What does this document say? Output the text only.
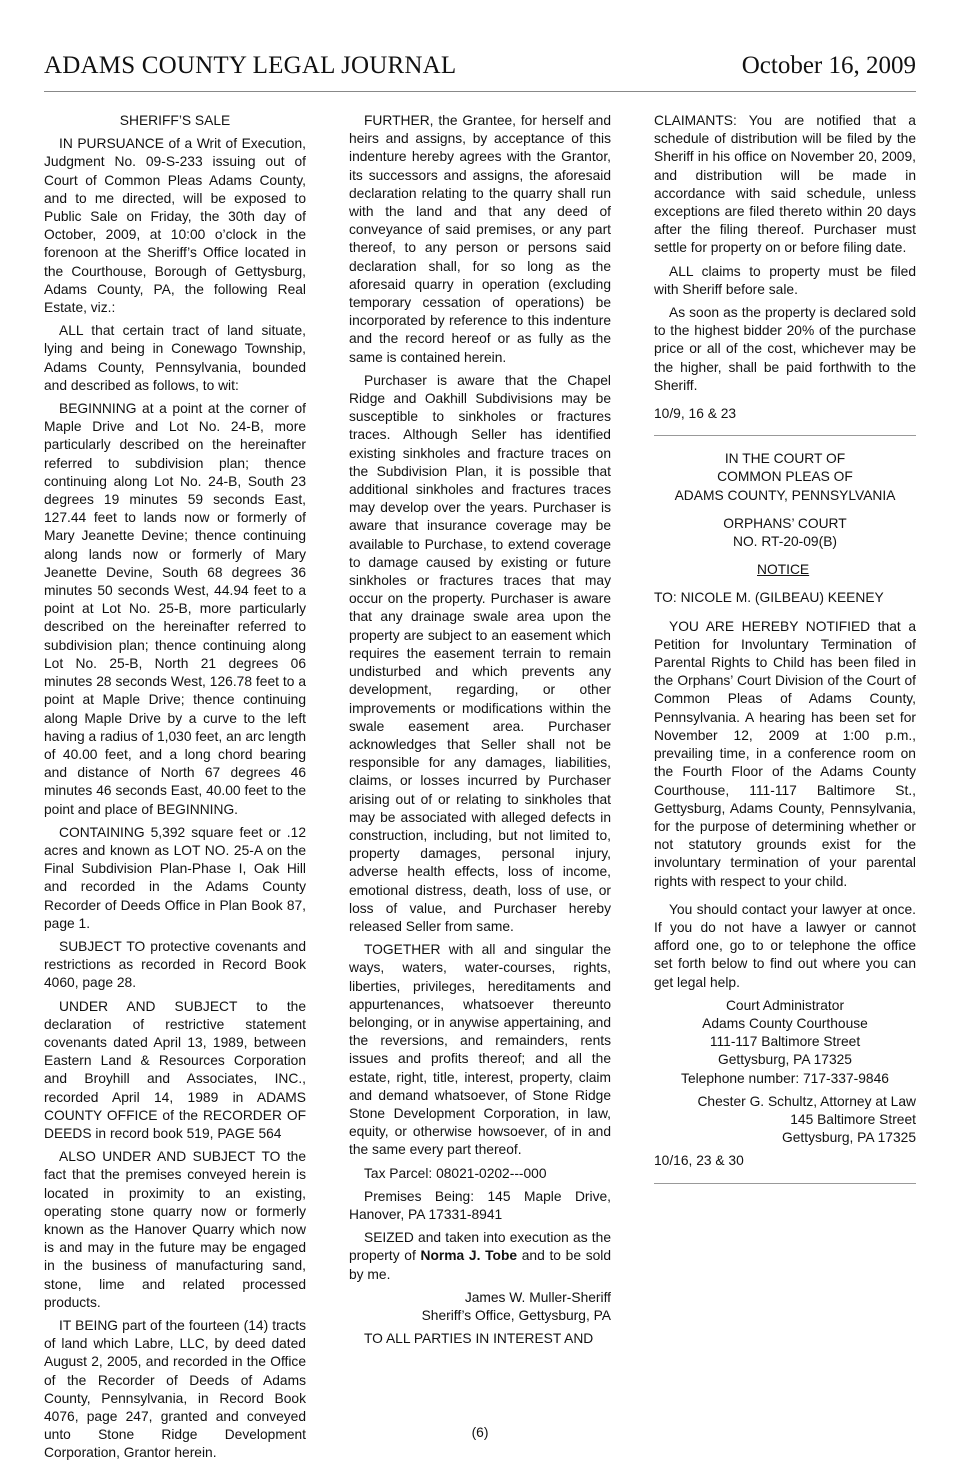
ADAMS COUNTY LEGAL JOURNAL	October 16, 2009

SHERIFF’S SALE

IN PURSUANCE of a Writ of Execution, Judgment No. 09-S-233 issuing out of Court of Common Pleas Adams County, and to me directed, will be exposed to Public Sale on Friday, the 30th day of October, 2009, at 10:00 o’clock in the forenoon at the Sheriff’s Office located in the Courthouse, Borough of Gettysburg, Adams County, PA, the following Real Estate, viz.:

ALL that certain tract of land situate, lying and being in Conewago Township, Adams County, Pennsylvania, bounded and described as follows, to wit:

BEGINNING at a point at the corner of Maple Drive and Lot No. 24-B, more particularly described on the hereinafter referred to subdivision plan; thence continuing along Lot No. 24-B, South 23 degrees 19 minutes 59 seconds East, 127.44 feet to lands now or formerly of Mary Jeanette Devine; thence continuing along lands now or formerly of Mary Jeanette Devine, South 68 degrees 36 minutes 50 seconds West, 44.94 feet to a point at Lot No. 25-B, more particularly described on the hereinafter referred to subdivision plan; thence continuing along Lot No. 25-B, North 21 degrees 06 minutes 28 seconds West, 126.78 feet to a point at Maple Drive; thence continuing along Maple Drive by a curve to the left having a radius of 1,030 feet, an arc length of 40.00 feet, and a long chord bearing and distance of North 67 degrees 46 minutes 46 seconds East, 40.00 feet to the point and place of BEGINNING.

CONTAINING 5,392 square feet or .12 acres and known as LOT NO. 25-A on the Final Subdivision Plan-Phase I, Oak Hill and recorded in the Adams County Recorder of Deeds Office in Plan Book 87, page 1.

SUBJECT TO protective covenants and restrictions as recorded in Record Book 4060, page 28.

UNDER AND SUBJECT to the declaration of restrictive statement covenants dated April 13, 1989, between Eastern Land & Resources Corporation and Broyhill and Associates, INC., recorded April 14, 1989 in ADAMS COUNTY OFFICE of the RECORDER OF DEEDS in record book 519, PAGE 564

ALSO UNDER AND SUBJECT TO the fact that the premises conveyed herein is located in proximity to an existing, operating stone quarry now or formerly known as the Hanover Quarry which now is and may in the future may be engaged in the business of manufacturing sand, stone, lime and related processed products.

IT BEING part of the fourteen (14) tracts of land which Labre, LLC, by deed dated August 2, 2005, and recorded in the Office of the Recorder of Deeds of Adams County, Pennsylvania, in Record Book 4076, page 247, granted and conveyed unto Stone Ridge Development Corporation, Grantor herein.

FURTHER, the Grantee, for herself and heirs and assigns, by acceptance of this indenture hereby agrees with the Grantor, its successors and assigns, the aforesaid declaration relating to the quarry shall run with the land and that any deed of conveyance of said premises, or any part thereof, to any person or persons said declaration shall, for so long as the aforesaid quarry in operation (excluding temporary cessation of operations) be incorporated by reference to this indenture and the record hereof or as fully as the same is contained herein.

Purchaser is aware that the Chapel Ridge and Oakhill Subdivisions may be susceptible to sinkholes or fractures traces. Although Seller has identified existing sinkholes and fracture traces on the Subdivision Plan, it is possible that additional sinkholes and fractures traces may develop over the years. Purchaser is aware that insurance coverage may be available to Purchase, to extend coverage to damage caused by existing or future sinkholes or fractures traces that may occur on the property. Purchaser is aware that any drainage swale area upon the property are subject to an easement which requires the easement terrain to remain undisturbed and which prevents any development, regarding, or other improvements or modifications within the swale easement area. Purchaser acknowledges that Seller shall not be responsible for any damages, liabilities, claims, or losses incurred by Purchaser arising out of or relating to sinkholes that may be associated with alleged defects in construction, including, but not limited to, property damages, personal injury, adverse health effects, loss of income, emotional distress, death, loss of use, or loss of value, and Purchaser hereby released Seller from same.

TOGETHER with all and singular the ways, waters, water-courses, rights, liberties, privileges, hereditaments and appurtenances, whatsoever thereunto belonging, or in anywise appertaining, and the reversions, and remainders, rents issues and profits thereof; and all the estate, right, title, interest, property, claim and demand whatsoever, of Stone Ridge Stone Development Corporation, in law, equity, or otherwise howsoever, of in and the same every part thereof.

Tax Parcel: 08021-0202---000

Premises Being: 145 Maple Drive, Hanover, PA 17331-8941

SEIZED and taken into execution as the property of Norma J. Tobe and to be sold by me.

James W. Muller-Sheriff
Sheriff’s Office, Gettysburg, PA

TO ALL PARTIES IN INTEREST AND

CLAIMANTS: You are notified that a schedule of distribution will be filed by the Sheriff in his office on November 20, 2009, and distribution will be made in accordance with said schedule, unless exceptions are filed thereto within 20 days after the filing thereof. Purchaser must settle for property on or before filing date.

ALL claims to property must be filed with Sheriff before sale.

As soon as the property is declared sold to the highest bidder 20% of the purchase price or all of the cost, whichever may be the higher, shall be paid forthwith to the Sheriff.

10/9, 16 & 23

IN THE COURT OF
COMMON PLEAS OF
ADAMS COUNTY, PENNSYLVANIA

ORPHANS’ COURT
NO. RT-20-09(B)

NOTICE

TO: NICOLE M. (GILBEAU) KEENEY

YOU ARE HEREBY NOTIFIED that a Petition for Involuntary Termination of Parental Rights to Child has been filed in the Orphans’ Court Division of the Court of Common Pleas of Adams County, Pennsylvania. A hearing has been set for November 12, 2009 at 1:00 p.m., prevailing time, in a conference room on the Fourth Floor of the Adams County Courthouse, 111-117 Baltimore St., Gettysburg, Adams County, Pennsylvania, for the purpose of determining whether or not statutory grounds exist for the involuntary termination of your parental rights with respect to your child.

You should contact your lawyer at once. If you do not have a lawyer or cannot afford one, go to or telephone the office set forth below to find out where you can get legal help.

Court Administrator
Adams County Courthouse
111-117 Baltimore Street
Gettysburg, PA 17325
Telephone number: 717-337-9846

Chester G. Schultz, Attorney at Law
145 Baltimore Street
Gettysburg, PA 17325

10/16, 23 & 30

(6)
